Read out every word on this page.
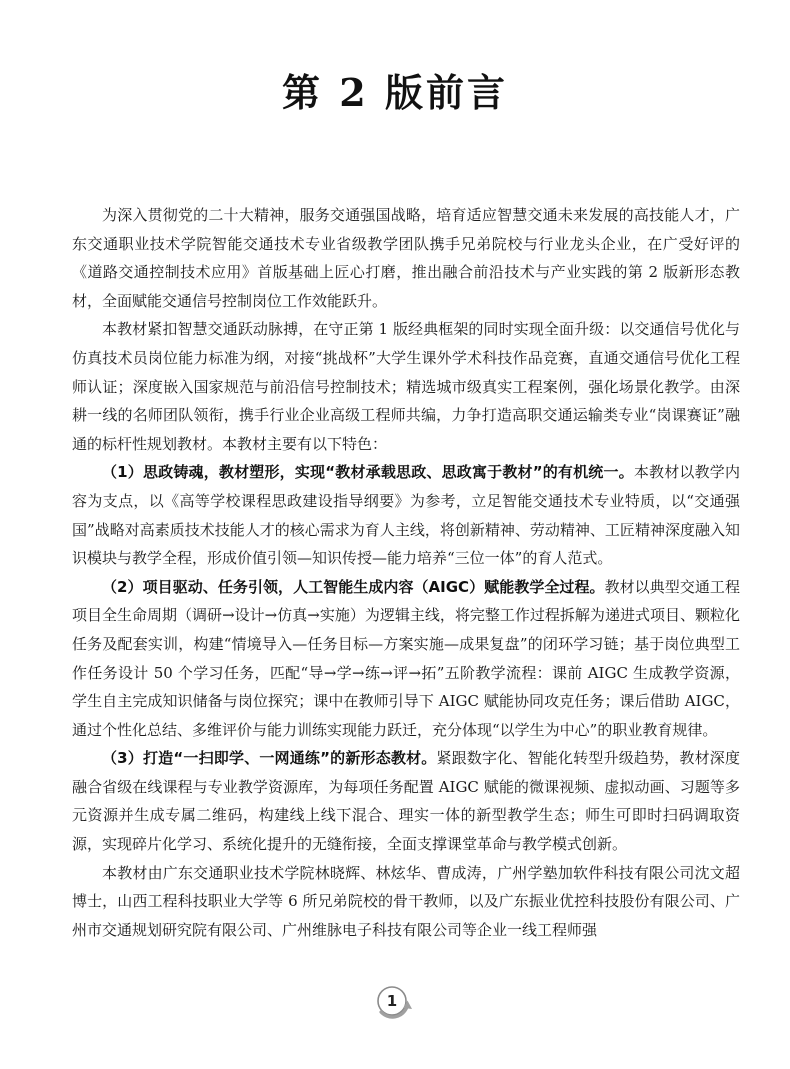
第 2 版前言

为深入贯彻党的二十大精神，服务交通强国战略，培育适应智慧交通未来发展的高技能人才，广东交通职业技术学院智能交通技术专业省级教学团队携手兄弟院校与行业龙头企业，在广受好评的《道路交通控制技术应用》首版基础上匠心打磨，推出融合前沿技术与产业实践的第 2 版新形态教材，全面赋能交通信号控制岗位工作效能跃升。

本教材紧扣智慧交通跃动脉搏，在守正第 1 版经典框架的同时实现全面升级：以交通信号优化与仿真技术员岗位能力标准为纲，对接“挑战杯”大学生课外学术科技作品竞赛，直通交通信号优化工程师认证；深度嵌入国家规范与前沿信号控制技术；精选城市级真实工程案例，强化场景化教学。由深耕一线的名师团队领衔，携手行业企业高级工程师共编，力争打造高职交通运输类专业“岗课赛证”融通的标杆性规划教材。本教材主要有以下特色：

（1）思政铸魂，教材塑形，实现“教材承载思政、思政寓于教材”的有机统一。本教材以教学内容为支点，以《高等学校课程思政建设指导纲要》为参考，立足智能交通技术专业特质，以“交通强国”战略对高素质技术技能人才的核心需求为育人主线，将创新精神、劳动精神、工匠精神深度融入知识模块与教学全程，形成价值引领—知识传授—能力培养“三位一体”的育人范式。

（2）项目驱动、任务引领，人工智能生成内容（AIGC）赋能教学全过程。教材以典型交通工程项目全生命周期（调研→设计→仿真→实施）为逻辑主线，将完整工作过程拆解为递进式项目、颗粒化任务及配套实训，构建“情境导入—任务目标—方案实施—成果复盘”的闭环学习链；基于岗位典型工作任务设计 50 个学习任务，匹配“导→学→练→评→拓”五阶教学流程：课前 AIGC 生成教学资源，学生自主完成知识储备与岗位探究；课中在教师引导下 AIGC 赋能协同攻克任务；课后借助 AIGC，通过个性化总结、多维评价与能力训练实现能力跃迁，充分体现“以学生为中心”的职业教育规律。

（3）打造“一扫即学、一网通练”的新形态教材。紧跟数字化、智能化转型升级趋势，教材深度融合省级在线课程与专业教学资源库，为每项任务配置 AIGC 赋能的微课视频、虚拟动画、习题等多元资源并生成专属二维码，构建线上线下混合、理实一体的新型教学生态；师生可即时扫码调取资源，实现碎片化学习、系统化提升的无缝衔接，全面支撑课堂革命与教学模式创新。

本教材由广东交通职业技术学院林晓辉、林炫华、曹成涛，广州学塾加软件科技有限公司沈文超博士，山西工程科技职业大学等 6 所兄弟院校的骨干教师，以及广东振业优控科技股份有限公司、广州市交通规划研究院有限公司、广州维脉电子科技有限公司等企业一线工程师强

1
